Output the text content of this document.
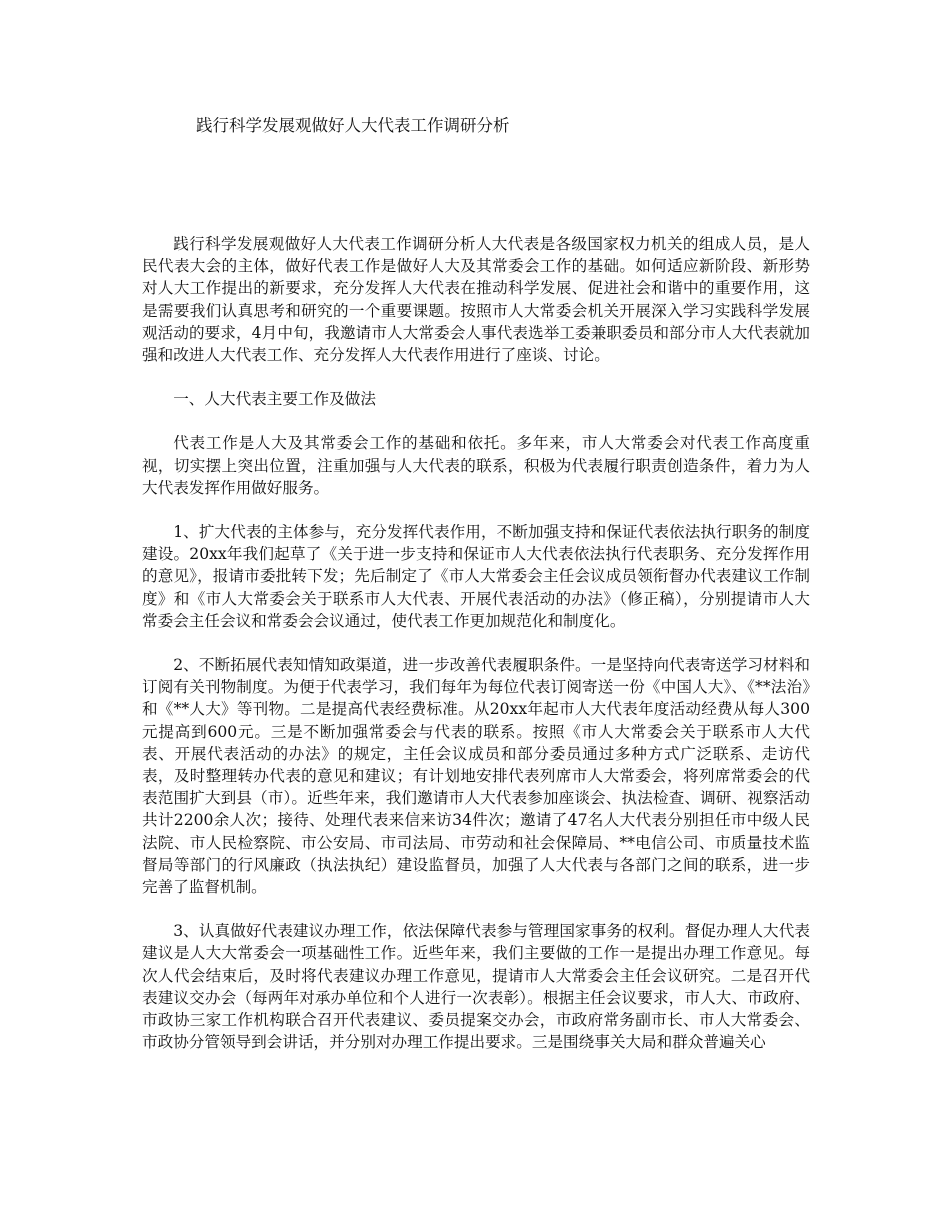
践行科学发展观做好人大代表工作调研分析

践行科学发展观做好人大代表工作调研分析人大代表是各级国家权力机关的组成人员，是人民代表大会的主体，做好代表工作是做好人大及其常委会工作的基础。如何适应新阶段、新形势对人大工作提出的新要求，充分发挥人大代表在推动科学发展、促进社会和谐中的重要作用，这是需要我们认真思考和研究的一个重要课题。按照市人大常委会机关开展深入学习实践科学发展观活动的要求，4月中旬，我邀请市人大常委会人事代表选举工委兼职委员和部分市人大代表就加强和改进人大代表工作、充分发挥人大代表作用进行了座谈、讨论。

一、人大代表主要工作及做法

代表工作是人大及其常委会工作的基础和依托。多年来，市人大常委会对代表工作高度重视，切实摆上突出位置，注重加强与人大代表的联系，积极为代表履行职责创造条件，着力为人大代表发挥作用做好服务。

1、扩大代表的主体参与，充分发挥代表作用，不断加强支持和保证代表依法执行职务的制度建设。20xx年我们起草了《关于进一步支持和保证市人大代表依法执行代表职务、充分发挥作用的意见》，报请市委批转下发；先后制定了《市人大常委会主任会议成员领衔督办代表建议工作制度》和《市人大常委会关于联系市人大代表、开展代表活动的办法》（修正稿），分别提请市人大常委会主任会议和常委会会议通过，使代表工作更加规范化和制度化。

2、不断拓展代表知情知政渠道，进一步改善代表履职条件。一是坚持向代表寄送学习材料和订阅有关刊物制度。为便于代表学习，我们每年为每位代表订阅寄送一份《中国人大》、《**法治》和《**人大》等刊物。二是提高代表经费标准。从20xx年起市人大代表年度活动经费从每人300元提高到600元。三是不断加强常委会与代表的联系。按照《市人大常委会关于联系市人大代表、开展代表活动的办法》的规定，主任会议成员和部分委员通过多种方式广泛联系、走访代表，及时整理转办代表的意见和建议；有计划地安排代表列席市人大常委会，将列席常委会的代表范围扩大到县（市）。近些年来，我们邀请市人大代表参加座谈会、执法检查、调研、视察活动共计2200余人次；接待、处理代表来信来访34件次；邀请了47名人大代表分别担任市中级人民法院、市人民检察院、市公安局、市司法局、市劳动和社会保障局、**电信公司、市质量技术监督局等部门的行风廉政（执法执纪）建设监督员，加强了人大代表与各部门之间的联系，进一步完善了监督机制。

3、认真做好代表建议办理工作，依法保障代表参与管理国家事务的权利。督促办理人大代表建议是人大大常委会一项基础性工作。近些年来，我们主要做的工作一是提出办理工作意见。每次人代会结束后，及时将代表建议办理工作意见，提请市人大常委会主任会议研究。二是召开代表建议交办会（每两年对承办单位和个人进行一次表彰）。根据主任会议要求，市人大、市政府、市政协三家工作机构联合召开代表建议、委员提案交办会，市政府常务副市长、市人大常委会、市政协分管领导到会讲话，并分别对办理工作提出要求。三是围绕事关大局和群众普遍关心
